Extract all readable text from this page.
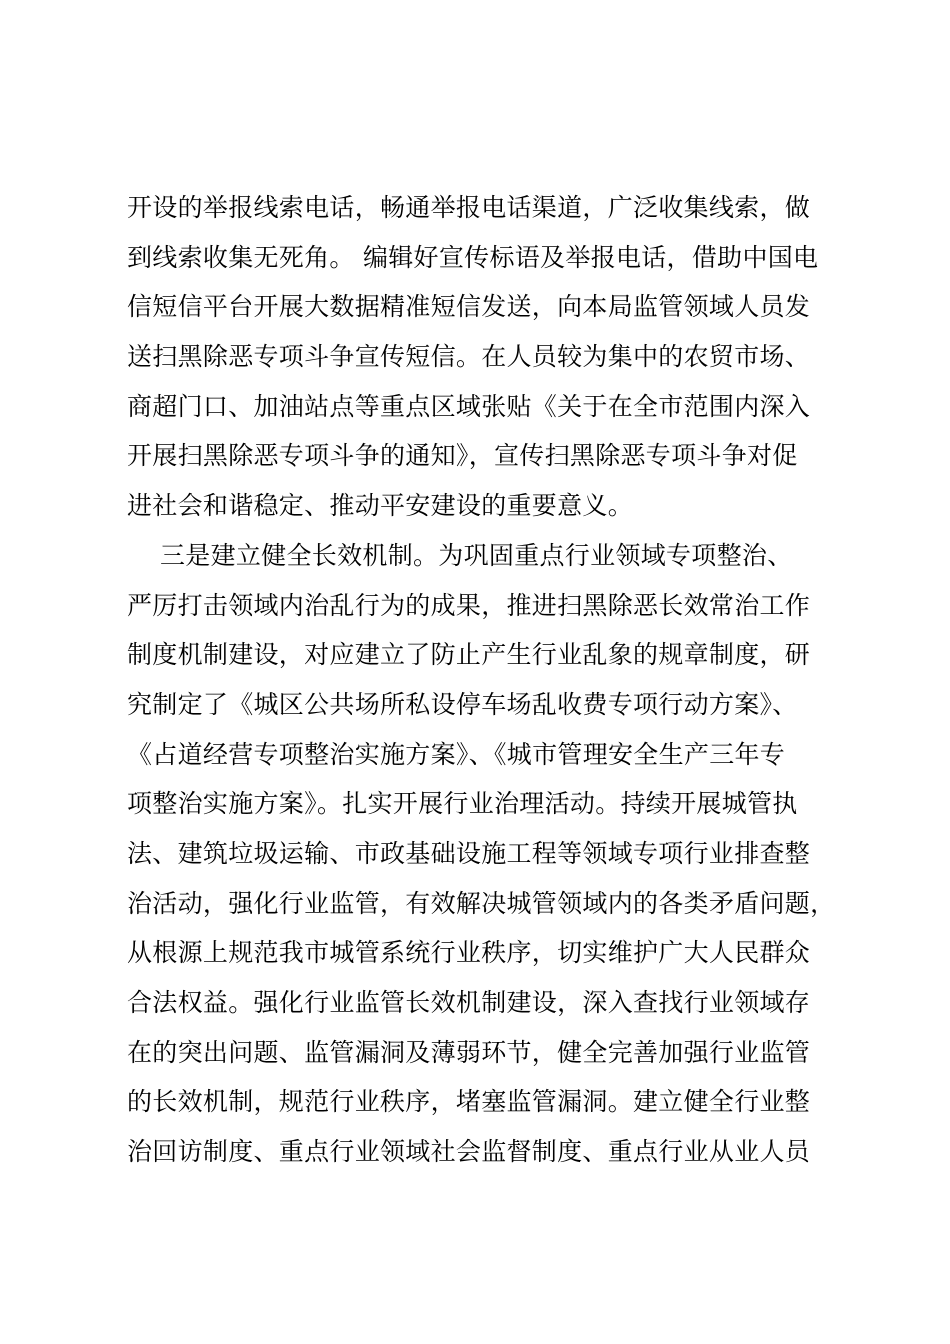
开设的举报线索电话，畅通举报电话渠道，广泛收集线索，做
到线索收集无死角。 编辑好宣传标语及举报电话，借助中国电
信短信平台开展大数据精准短信发送，向本局监管领域人员发
送扫黑除恶专项斗争宣传短信。在人员较为集中的农贸市场、
商超门口、加油站点等重点区域张贴《关于在全市范围内深入
开展扫黑除恶专项斗争的通知》，宣传扫黑除恶专项斗争对促
进社会和谐稳定、推动平安建设的重要意义。
三是建立健全长效机制。为巩固重点行业领域专项整治、
严厉打击领域内治乱行为的成果，推进扫黑除恶长效常治工作
制度机制建设，对应建立了防止产生行业乱象的规章制度，研
究制定了《城区公共场所私设停车场乱收费专项行动方案》、
《占道经营专项整治实施方案》、《城市管理安全生产三年专
项整治实施方案》。扎实开展行业治理活动。持续开展城管执
法、建筑垃圾运输、市政基础设施工程等领域专项行业排查整
治活动，强化行业监管，有效解决城管领域内的各类矛盾问题，
从根源上规范我市城管系统行业秩序，切实维护广大人民群众
合法权益。强化行业监管长效机制建设，深入查找行业领域存
在的突出问题、监管漏洞及薄弱环节，健全完善加强行业监管
的长效机制，规范行业秩序，堵塞监管漏洞。建立健全行业整
治回访制度、重点行业领域社会监督制度、重点行业从业人员
